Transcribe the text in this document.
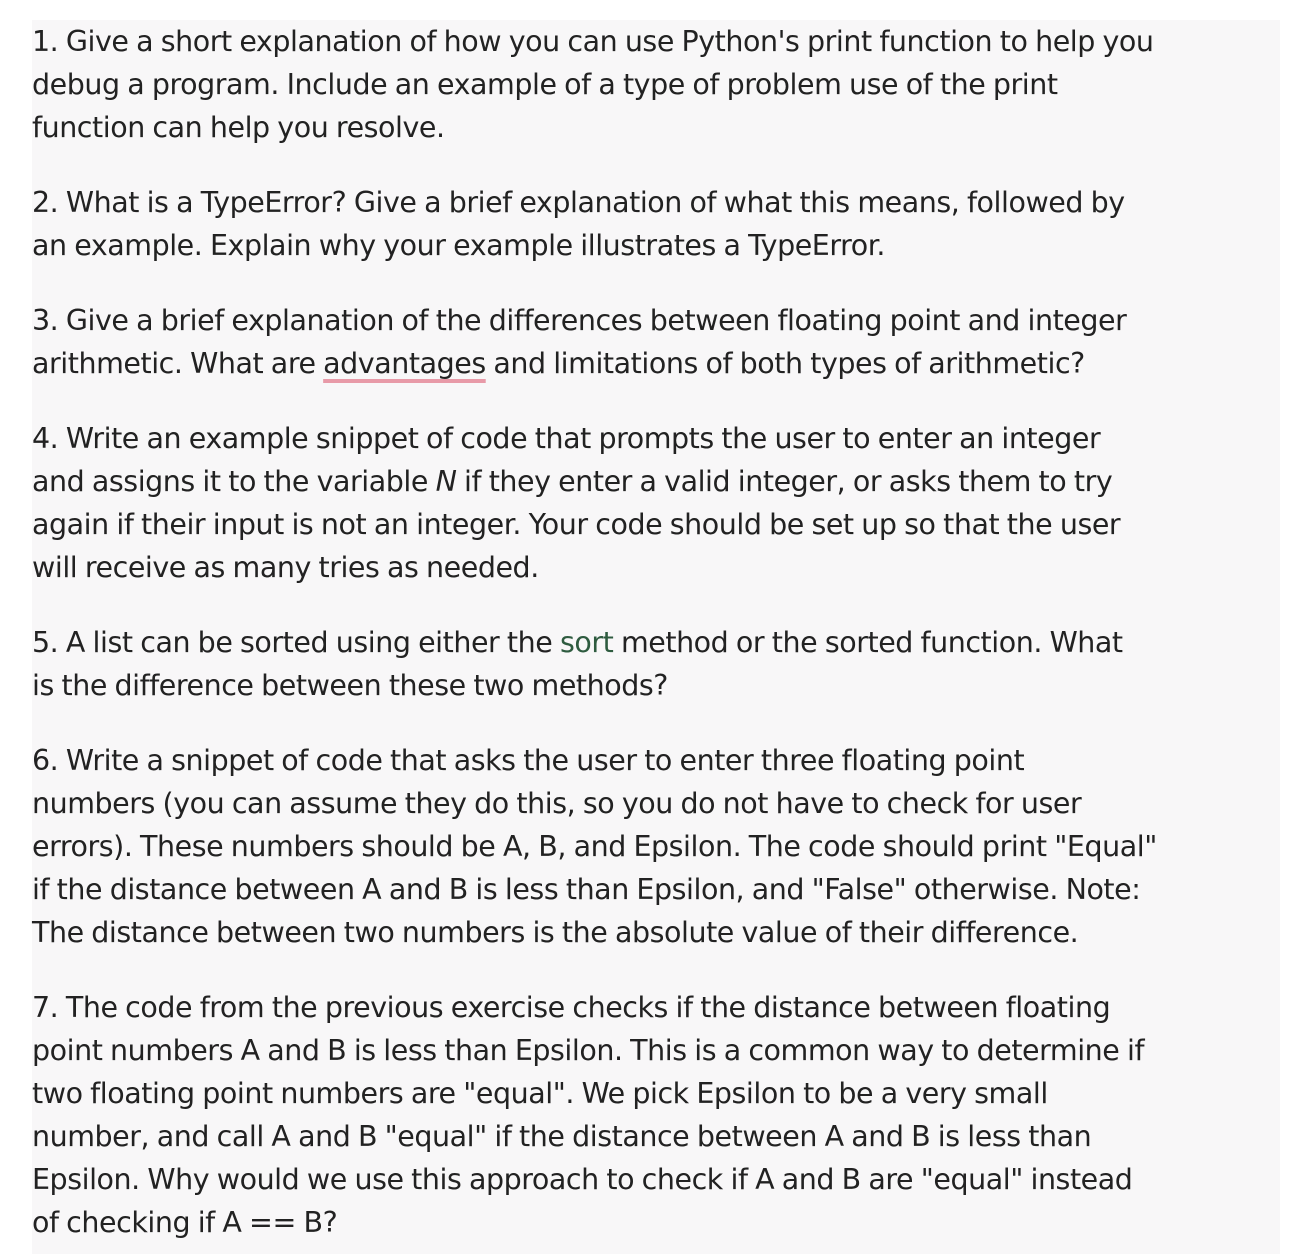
1. Give a short explanation of how you can use Python's print function to help you
debug a program. Include an example of a type of problem use of the print
function can help you resolve.

2. What is a TypeError? Give a brief explanation of what this means, followed by
an example. Explain why your example illustrates a TypeError.

3. Give a brief explanation of the differences between floating point and integer
arithmetic. What are advantages and limitations of both types of arithmetic?

4. Write an example snippet of code that prompts the user to enter an integer
and assigns it to the variable N if they enter a valid integer, or asks them to try
again if their input is not an integer. Your code should be set up so that the user
will receive as many tries as needed.

5. A list can be sorted using either the sort method or the sorted function. What
is the difference between these two methods?

6. Write a snippet of code that asks the user to enter three floating point
numbers (you can assume they do this, so you do not have to check for user
errors). These numbers should be A, B, and Epsilon. The code should print "Equal"
if the distance between A and B is less than Epsilon, and "False" otherwise. Note:
The distance between two numbers is the absolute value of their difference.

7. The code from the previous exercise checks if the distance between floating
point numbers A and B is less than Epsilon. This is a common way to determine if
two floating point numbers are "equal". We pick Epsilon to be a very small
number, and call A and B "equal" if the distance between A and B is less than
Epsilon. Why would we use this approach to check if A and B are "equal" instead
of checking if A == B?
